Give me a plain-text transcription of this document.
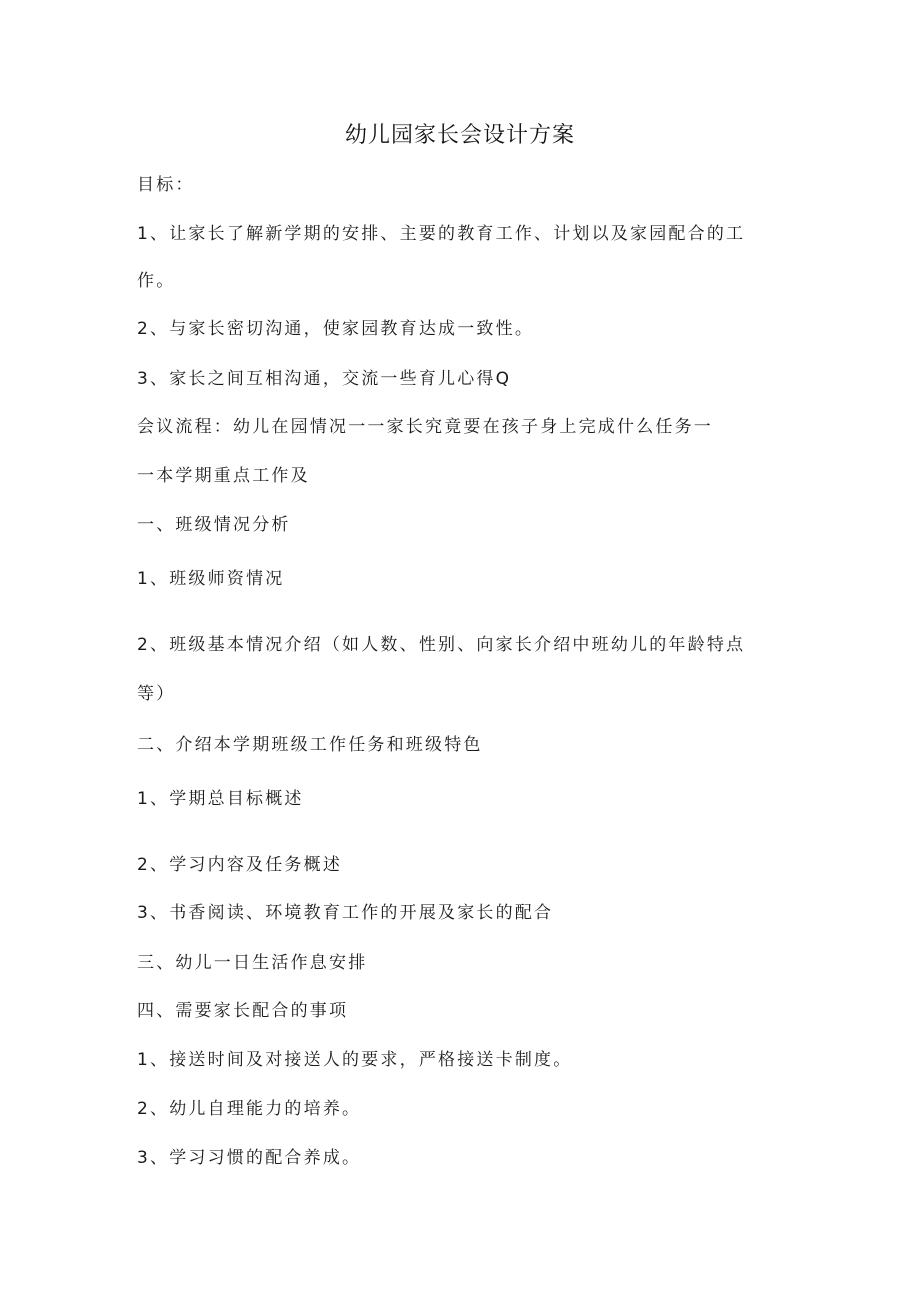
幼儿园家长会设计方案
目标：
1、让家长了解新学期的安排、主要的教育工作、计划以及家园配合的工
作。
2、与家长密切沟通，使家园教育达成一致性。
3、家长之间互相沟通，交流一些育儿心得Q
会议流程：幼儿在园情况一一家长究竟要在孩子身上完成什么任务一
一本学期重点工作及
一、班级情况分析
1、班级师资情况
2、班级基本情况介绍（如人数、性别、向家长介绍中班幼儿的年龄特点
等）
二、介绍本学期班级工作任务和班级特色
1、学期总目标概述
2、学习内容及任务概述
3、书香阅读、环境教育工作的开展及家长的配合
三、幼儿一日生活作息安排
四、需要家长配合的事项
1、接送时间及对接送人的要求，严格接送卡制度。
2、幼儿自理能力的培养。
3、学习习惯的配合养成。
